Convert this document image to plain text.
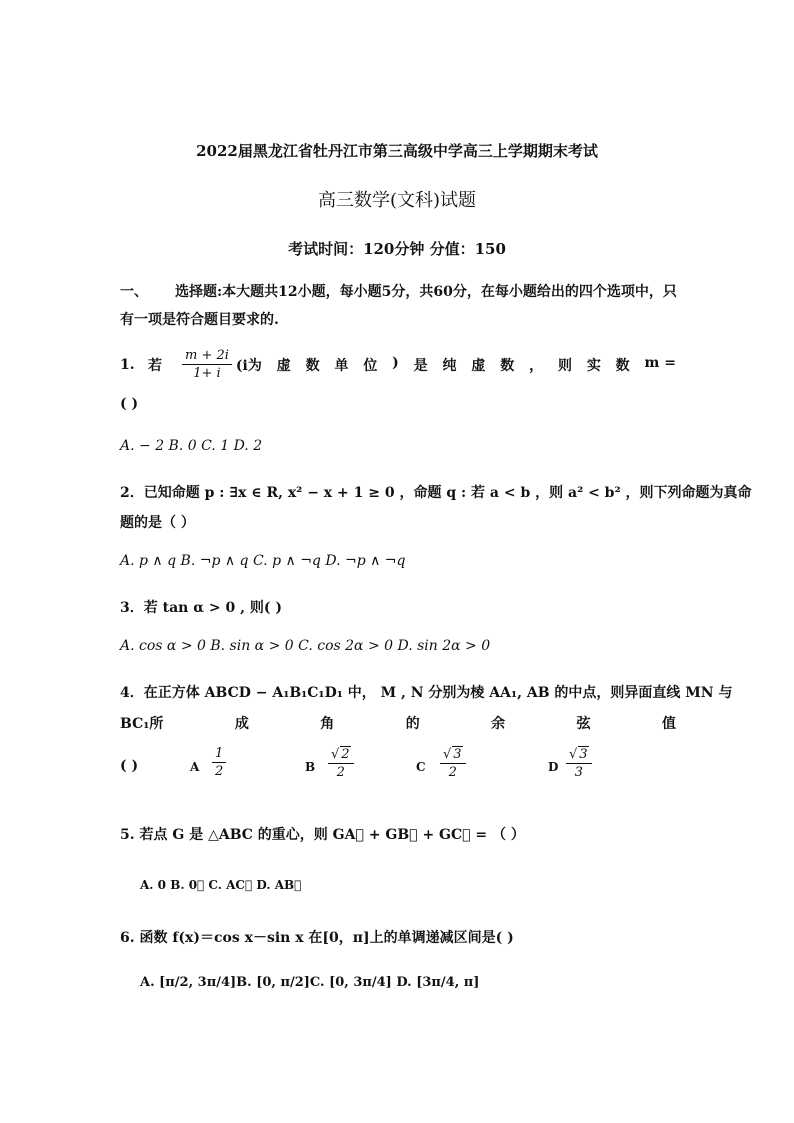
2022届黑龙江省牡丹江市第三高级中学高三上学期期末考试
高三数学(文科)试题
考试时间：120分钟 分值：150
一、 选择题:本大题共12小题，每小题5分，共60分，在每小题给出的四个选项中，只有一项是符合题目要求的.
1. 若	$\frac{m + 2i}{1+ i} (i$为 虚 数 单 位 ) 是 纯 虚 数 ， 则 实 数 m =
( )
A. − 2 B. 0 C. 1 D. 2
2．已知命题 p : ∃x ∈ R, x² − x + 1 ≥ 0 ，命题 q : 若 a < b ，则 a² < b² ，则下列命题为真命
题的是（ ）
A. p ∧ q B. ¬p ∧ q C. p ∧ ¬q D. ¬p ∧ ¬q
3．若 tan α > 0 , 则( )
A. cos α > 0 B. sin α > 0 C. cos 2α > 0 D. sin 2α > 0
4．在正方体 ABCD − A₁B₁C₁D₁ 中， M , N 分别为棱 AA₁, AB 的中点，则异面直线 MN 与
BC₁所	成	角	的	余	弦	值
( )	A $\frac{1}{2}$	B $\frac{√ 2}{2}$	C $\frac{√ 3}{2}$	D $\frac{√ 3}{3}$
5. 若点 G 是 △ABC 的重心，则 GA⃗ + GB⃗ + GC⃗ = （ ）
A. 0 B. 0⃗ C. AC⃗ D. AB⃗
6. 函数 f(x)＝cos x－sin x 在[0，π]上的单调递减区间是( )
A. [π/2, 3π/4]B. [0, π/2]C. [0, 3π/4] D. [3π/4, π]
